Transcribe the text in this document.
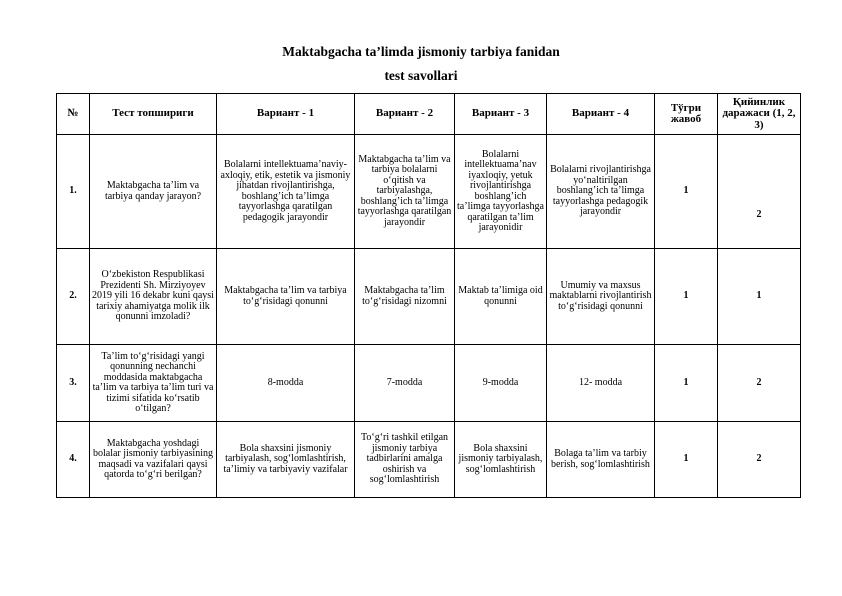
Maktabgacha ta’limda jismoniy tarbiya fanidan
test savollari
№	Тест топшириги	Вариант - 1	Вариант - 2	Вариант - 3	Вариант - 4	Тўгри жавоб	Қийинлик даражаси (1, 2, 3)
1.	Maktabgacha ta’lim va tarbiya qanday jarayon?	Bolalarni intellektuama’naviy-axloqiy, etik, estetik va jismoniy jihatdan rivojlantirishga, boshlang’ich ta’limga tayyorlashga qaratilgan pedagogik jarayondir	Maktabgacha ta’lim va tarbiya bolalarni o‘qitish va tarbiyalashga, boshlang’ich ta’limga tayyorlashga qaratilgan jarayondir	Bolalarni intellektuama’nav iyaxloqiy, yetuk rivojlantirishga boshlang’ich ta’limga tayyorlashga qaratilgan ta’lim jarayonidir	Bolalarni rivojlantirishga yo‘naltirilgan boshlang’ich ta’limga tayyorlashga pedagogik jarayondir	1	2
2.	O‘zbekiston Respublikasi Prezidenti Sh. Mirziyoyev 2019 yili 16 dekabr kuni qaysi tarixiy ahamiyatga molik ilk qonunni imzoladi?	Maktabgacha ta’lim va tarbiya to‘g‘risidagi qonunni	Maktabgacha ta’lim to‘g‘risidagi nizomni	Maktab ta’limiga oid qonunni	Umumiy va maxsus maktablarni rivojlantirish to‘g‘risidagi qonunni	1	1
3.	Ta’lim to‘g‘risidagi yangi qonunning nechanchi moddasida maktabgacha ta’lim va tarbiya ta’lim turi va tizimi sifatida ko‘rsatib o‘tilgan?	8-modda	7-modda	9-modda	12- modda	1	2
4.	Maktabgacha yoshdagi bolalar jismoniy tarbiyasining maqsadi va vazifalari qaysi qatorda to‘g‘ri berilgan?	Bola shaxsini jismoniy tarbiyalash, sog‘lomlashtirish, ta’limiy va tarbiyaviy vazifalar	To‘g‘ri tashkil etilgan jismoniy tarbiya tadbirlarini amalga oshirish va sog‘lomlashtirish	Bola shaxsini jismoniy tarbiyalash, sog‘lomlashtirish	Bolaga ta’lim va tarbiy berish, sog‘lomlashtirish	1	2
